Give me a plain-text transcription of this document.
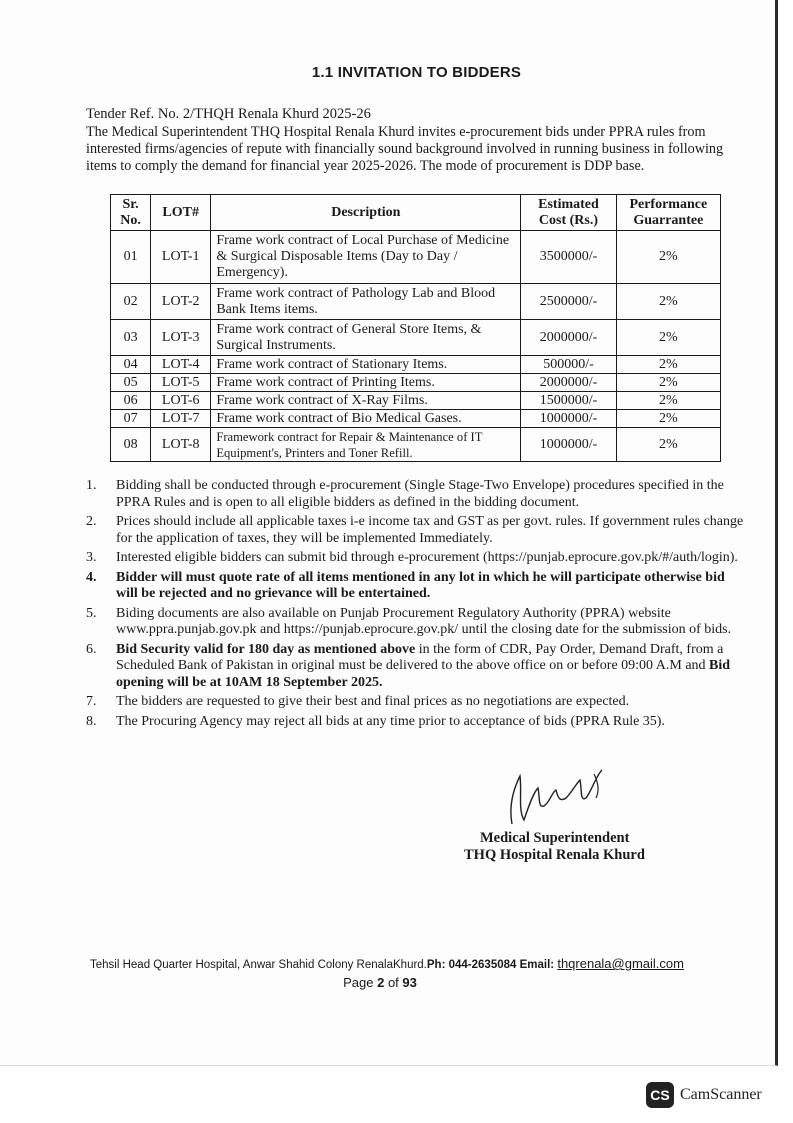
1.1 INVITATION TO BIDDERS
Tender Ref. No. 2/THQH Renala Khurd 2025-26
The Medical Superintendent THQ Hospital Renala Khurd invites e-procurement bids under PPRA rules from interested firms/agencies of repute with financially sound background involved in running business in following items to comply the demand for financial year 2025-2026. The mode of procurement is DDP base.
Sr. No.	LOT#	Description	Estimated Cost (Rs.)	Performance Guarrantee
01	LOT-1	Frame work contract of Local Purchase of Medicine & Surgical Disposable Items (Day to Day / Emergency).	3500000/-	2%
02	LOT-2	Frame work contract of Pathology Lab and Blood Bank Items items.	2500000/-	2%
03	LOT-3	Frame work contract of General Store Items, & Surgical Instruments.	2000000/-	2%
04	LOT-4	Frame work contract of Stationary Items.	500000/-	2%
05	LOT-5	Frame work contract of Printing Items.	2000000/-	2%
06	LOT-6	Frame work contract of X-Ray Films.	1500000/-	2%
07	LOT-7	Frame work contract of Bio Medical Gases.	1000000/-	2%
08	LOT-8	Framework contract for Repair & Maintenance of IT Equipment's, Printers and Toner Refill.	1000000/-	2%
1. Bidding shall be conducted through e-procurement (Single Stage-Two Envelope) procedures specified in the PPRA Rules and is open to all eligible bidders as defined in the bidding document.
2. Prices should include all applicable taxes i-e income tax and GST as per govt. rules. If government rules change for the application of taxes, they will be implemented Immediately.
3. Interested eligible bidders can submit bid through e-procurement (https://punjab.eprocure.gov.pk/#/auth/login).
4. Bidder will must quote rate of all items mentioned in any lot in which he will participate otherwise bid will be rejected and no grievance will be entertained.
5. Biding documents are also available on Punjab Procurement Regulatory Authority (PPRA) website www.ppra.punjab.gov.pk and https://punjab.eprocure.gov.pk/ until the closing date for the submission of bids.
6. Bid Security valid for 180 day as mentioned above in the form of CDR, Pay Order, Demand Draft, from a Scheduled Bank of Pakistan in original must be delivered to the above office on or before 09:00 A.M and Bid opening will be at 10AM 18 September 2025.
7. The bidders are requested to give their best and final prices as no negotiations are expected.
8. The Procuring Agency may reject all bids at any time prior to acceptance of bids (PPRA Rule 35).
Medical Superintendent
THQ Hospital Renala Khurd
Tehsil Head Quarter Hospital, Anwar Shahid Colony RenalaKhurd.Ph: 044-2635084 Email: thqrenala@gmail.com
Page 2 of 93
CS CamScanner
